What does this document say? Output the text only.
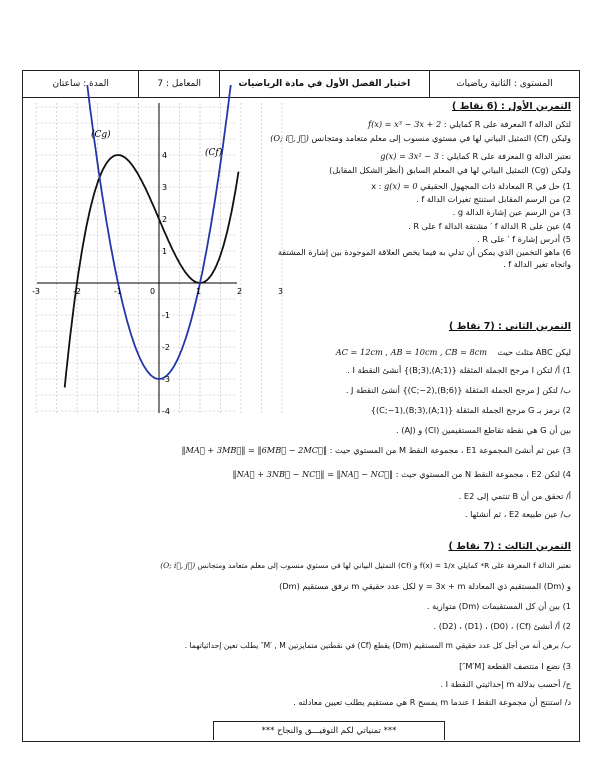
المستوى : الثانية رياضيات
اختبار الفصل الأول في مادة الرياضيات
المعامل : 7
المدة : ساعتان
-3	-2	-1	0	1	2	3
4
3
2
1
-1
-2
-3
-4
(Cg)
(Cf)
التمرين الأول : (6 نقاط )
لتكن الدالة f المعرفة على R كمايلي : f(x) = x³ − 3x + 2
وليكن (Cf) التمثيل البياني لها في مستوي منسوب إلى معلم متعامد ومتجانس (O; i⃗, j⃗)
نعتبر الدالة g المعرفة على R كمايلي : g(x) = 3x² − 3
وليكن (Cg) التمثيل البياني لها في المعلم السابق (أنظر الشكل المقابل)
1) حل في R المعادلة ذات المجهول الحقيقي x : g(x) = 0
2) من الرسم المقابل استنتج تغيرات الدالة f .
3) من الرسم عين إشارة الدالة g .
4) عين على R الدالة f ′ مشتقة الدالة f على R .
5) أدرس إشارة f ′ على R .
6) ماهو التخمين الذي يمكن أن تدلي به فيما يخص العلاقة الموجودة بين إشارة المشتقة
واتجاه تغير الدالة f .
التمرين الثاني : (7 نقاط )
ليكن ABC مثلث حيث    AC = 12cm , AB = 10cm , CB = 8cm
1) أ/ لتكن I مرجح الجملة المثقلة {(A;1),(B;3)} أنشئ النقطة I .
ب/ لتكن J مرجح الجملة المثقلة {(B;6),(C;−2)} أنشئ النقطة J .
2) نرمز بـ G مرجح الجملة المثقلة {(A;1),(B;3),(C;−1)}
بين أن G هي نقطة تقاطع المستقيمين (CI) و (AJ) .
3) عين ثم أنشئ المجموعة E1 ، مجموعة النقط M من المستوي حيث : ‖MA⃗ + 3MB⃗‖ = ‖6MB⃗ − 2MC⃗‖
4) لتكن E2 ، مجموعة النقط N من المستوي حيث : ‖NA⃗ + 3NB⃗ − NC⃗‖ = ‖NA⃗ − NC⃗‖
أ/ تحقق من أن B تنتمي إلى E2 .
ب/ عين طبيعة E2 ، ثم أنشئها .
التمرين الثالث : (7 نقاط )
نعتبر الدالة f المعرفة على R* كمايلي f(x) = 1/x و (Cf) التمثيل البياني لها في مستوي منسوب إلى معلم متعامد ومتجانس (O; i⃗, j⃗)
و (Dm) المستقيم ذي المعادلة y = 3x + m لكل عدد حقيقي m نرفق مستقيم (Dm)
1) بين أن كل المستقيمات (Dm) متوازية .
2) أ/ أنشئ (Cf) ، (D0) ، (D1) ، (D2) .
ب/ برهن أنه من أجل كل عدد حقيقي m المستقيم (Dm) يقطع (Cf) في نقطتين متمايزتين M′ , M″ يطلب تعين إحداثياتهما .
3) نضع I منتصف القطعة [M′M″]
ج/ أحسب بدلالة m إحداثيتي النقطة I .
د/ استنتج أن مجموعة النقط I عندما m يمسح R هي مستقيم يطلب تعيين معادلته .
*** تمنياتي لكم التوفيـــق والنجاح ***
